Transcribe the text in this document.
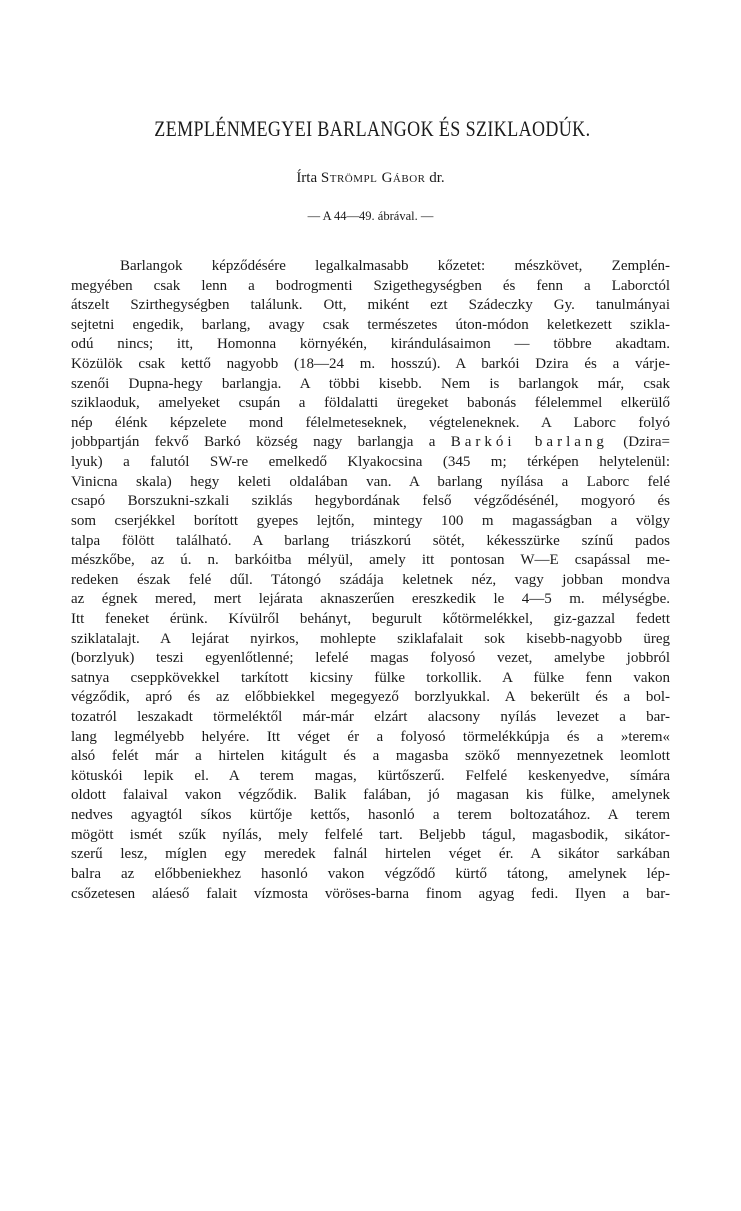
ZEMPLÉNMEGYEI BARLANGOK ÉS SZIKLAODÚK.
Írta Strömpl Gábor dr.
— A 44—49. ábrával. —
Barlangok képződésére legalkalmasabb kőzetet: mészkövet, Zemplén-
megyében csak lenn a bodrogmenti Szigethegységben és fenn a Laborctól
átszelt Szirthegységben találunk. Ott, miként ezt Szádeczky Gy. tanulmányai
sejtetni engedik, barlang, avagy csak természetes úton-módon keletkezett szikla-
odú nincs; itt, Homonna környékén, kirándulásaimon — többre akadtam.
Közülök csak kettő nagyobb (18—24 m. hosszú). A barkói Dzira és a várje-
szenői Dupna-hegy barlangja. A többi kisebb. Nem is barlangok már, csak
sziklaoduk, amelyeket csupán a földalatti üregeket babonás félelemmel elkerülő
nép élénk képzelete mond félelmeteseknek, végteleneknek. A Laborc folyó
jobbpartján fekvő Barkó község nagy barlangja a Barkói barlang (Dzira=
lyuk) a falutól SW-re emelkedő Klyakocsina (345 m; térképen helytelenül:
Vinicna skala) hegy keleti oldalában van. A barlang nyílása a Laborc felé
csapó Borszukni-szkali sziklás hegybordának felső végződésénél, mogyoró és
som cserjékkel borított gyepes lejtőn, mintegy 100 m magasságban a völgy
talpa fölött található. A barlang triászkorú sötét, kékesszürke színű pados
mészkőbe, az ú. n. barkóitba mélyül, amely itt pontosan W—E csapással me-
redeken észak felé dűl. Tátongó szádája keletnek néz, vagy jobban mondva
az égnek mered, mert lejárata aknaszerűen ereszkedik le 4—5 m. mélységbe.
Itt feneket érünk. Kívülről behányt, begurult kőtörmelékkel, giz-gazzal fedett
sziklatalajt. A lejárat nyirkos, mohlepte sziklafalait sok kisebb-nagyobb üreg
(borzlyuk) teszi egyenlőtlenné; lefelé magas folyosó vezet, amelybe jobbról
satnya cseppkövekkel tarkított kicsiny fülke torkollik. A fülke fenn vakon
végződik, apró és az előbbiekkel megegyező borzlyukkal. A bekerült és a bol-
tozatról leszakadt törmeléktől már-már elzárt alacsony nyílás levezet a bar-
lang legmélyebb helyére. Itt véget ér a folyosó törmelékkúpja és a »terem«
alsó felét már a hirtelen kitágult és a magasba szökő mennyezetnek leomlott
kötuskói lepik el. A terem magas, kürtőszerű. Felfelé keskenyedve, símára
oldott falaival vakon végződik. Balik falában, jó magasan kis fülke, amelynek
nedves agyagtól síkos kürtője kettős, hasonló a terem boltozatához. A terem
mögött ismét szűk nyílás, mely felfelé tart. Beljebb tágul, magasbodik, sikátor-
szerű lesz, míglen egy meredek falnál hirtelen véget ér. A sikátor sarkában
balra az előbbeniekhez hasonló vakon végződő kürtő tátong, amelynek lép-
csőzetesen aláeső falait vízmosta vöröses-barna finom agyag fedi. Ilyen a bar-
